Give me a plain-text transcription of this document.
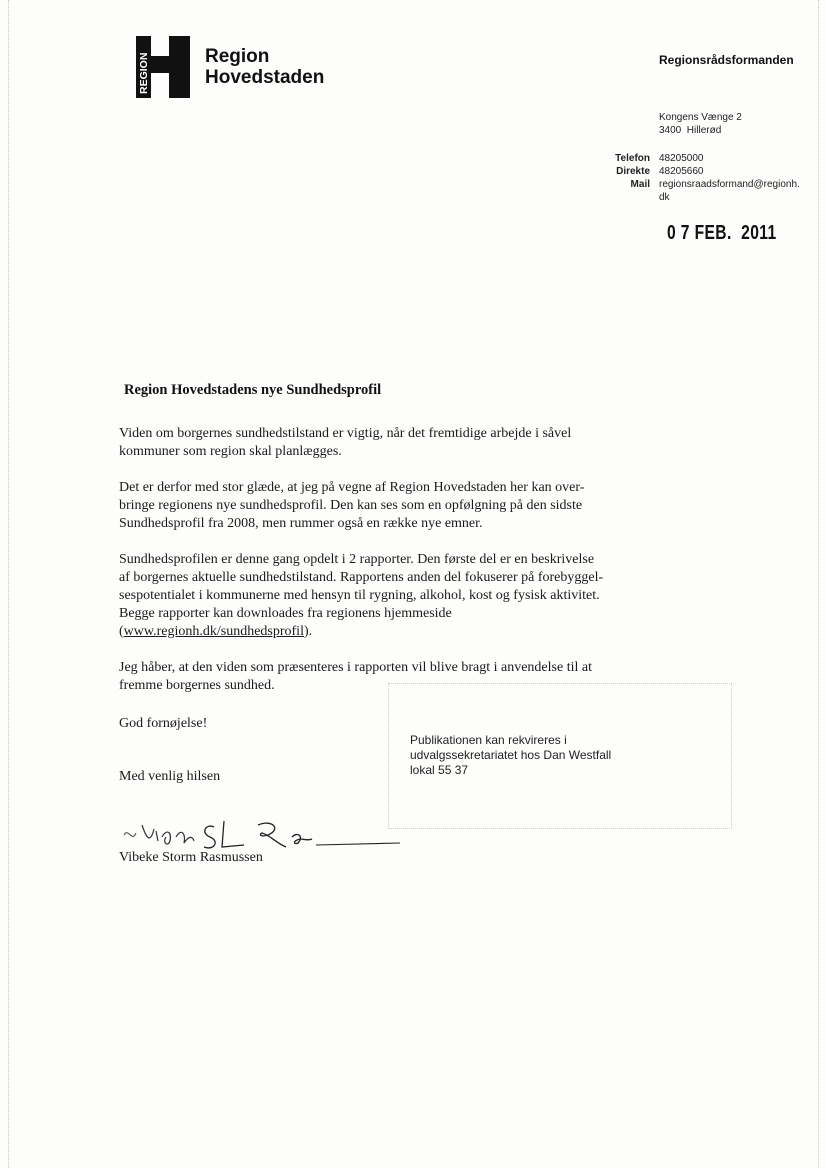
REGION	Region
Hovedstaden
Regionsrådsformanden
Kongens Vænge 2
3400  Hillerød
Telefon 48205000
Direkte 48205660
Mail regionsraadsformand@regionh.
dk
0 7 FEB.  2011
Region Hovedstadens nye Sundhedsprofil

Viden om borgernes sundhedstilstand er vigtig, når det fremtidige arbejde i såvel
kommuner som region skal planlægges.

Det er derfor med stor glæde, at jeg på vegne af Region Hovedstaden her kan over-
bringe regionens nye sundhedsprofil. Den kan ses som en opfølgning på den sidste
Sundhedsprofil fra 2008, men rummer også en række nye emner.

Sundhedsprofilen er denne gang opdelt i 2 rapporter. Den første del er en beskrivelse
af borgernes aktuelle sundhedstilstand. Rapportens anden del fokuserer på forebyggel-
sespotentialet i kommunerne med hensyn til rygning, alkohol, kost og fysisk aktivitet.
Begge rapporter kan downloades fra regionens hjemmeside
(www.regionh.dk/sundhedsprofil).

Jeg håber, at den viden som præsenteres i rapporten vil blive bragt i anvendelse til at
fremme borgernes sundhed.

God fornøjelse!
Med venlig hilsen
Publikationen kan rekvireres i
udvalgssekretariatet hos Dan Westfall
lokal 55 37
Vibeke Storm Rasmussen
